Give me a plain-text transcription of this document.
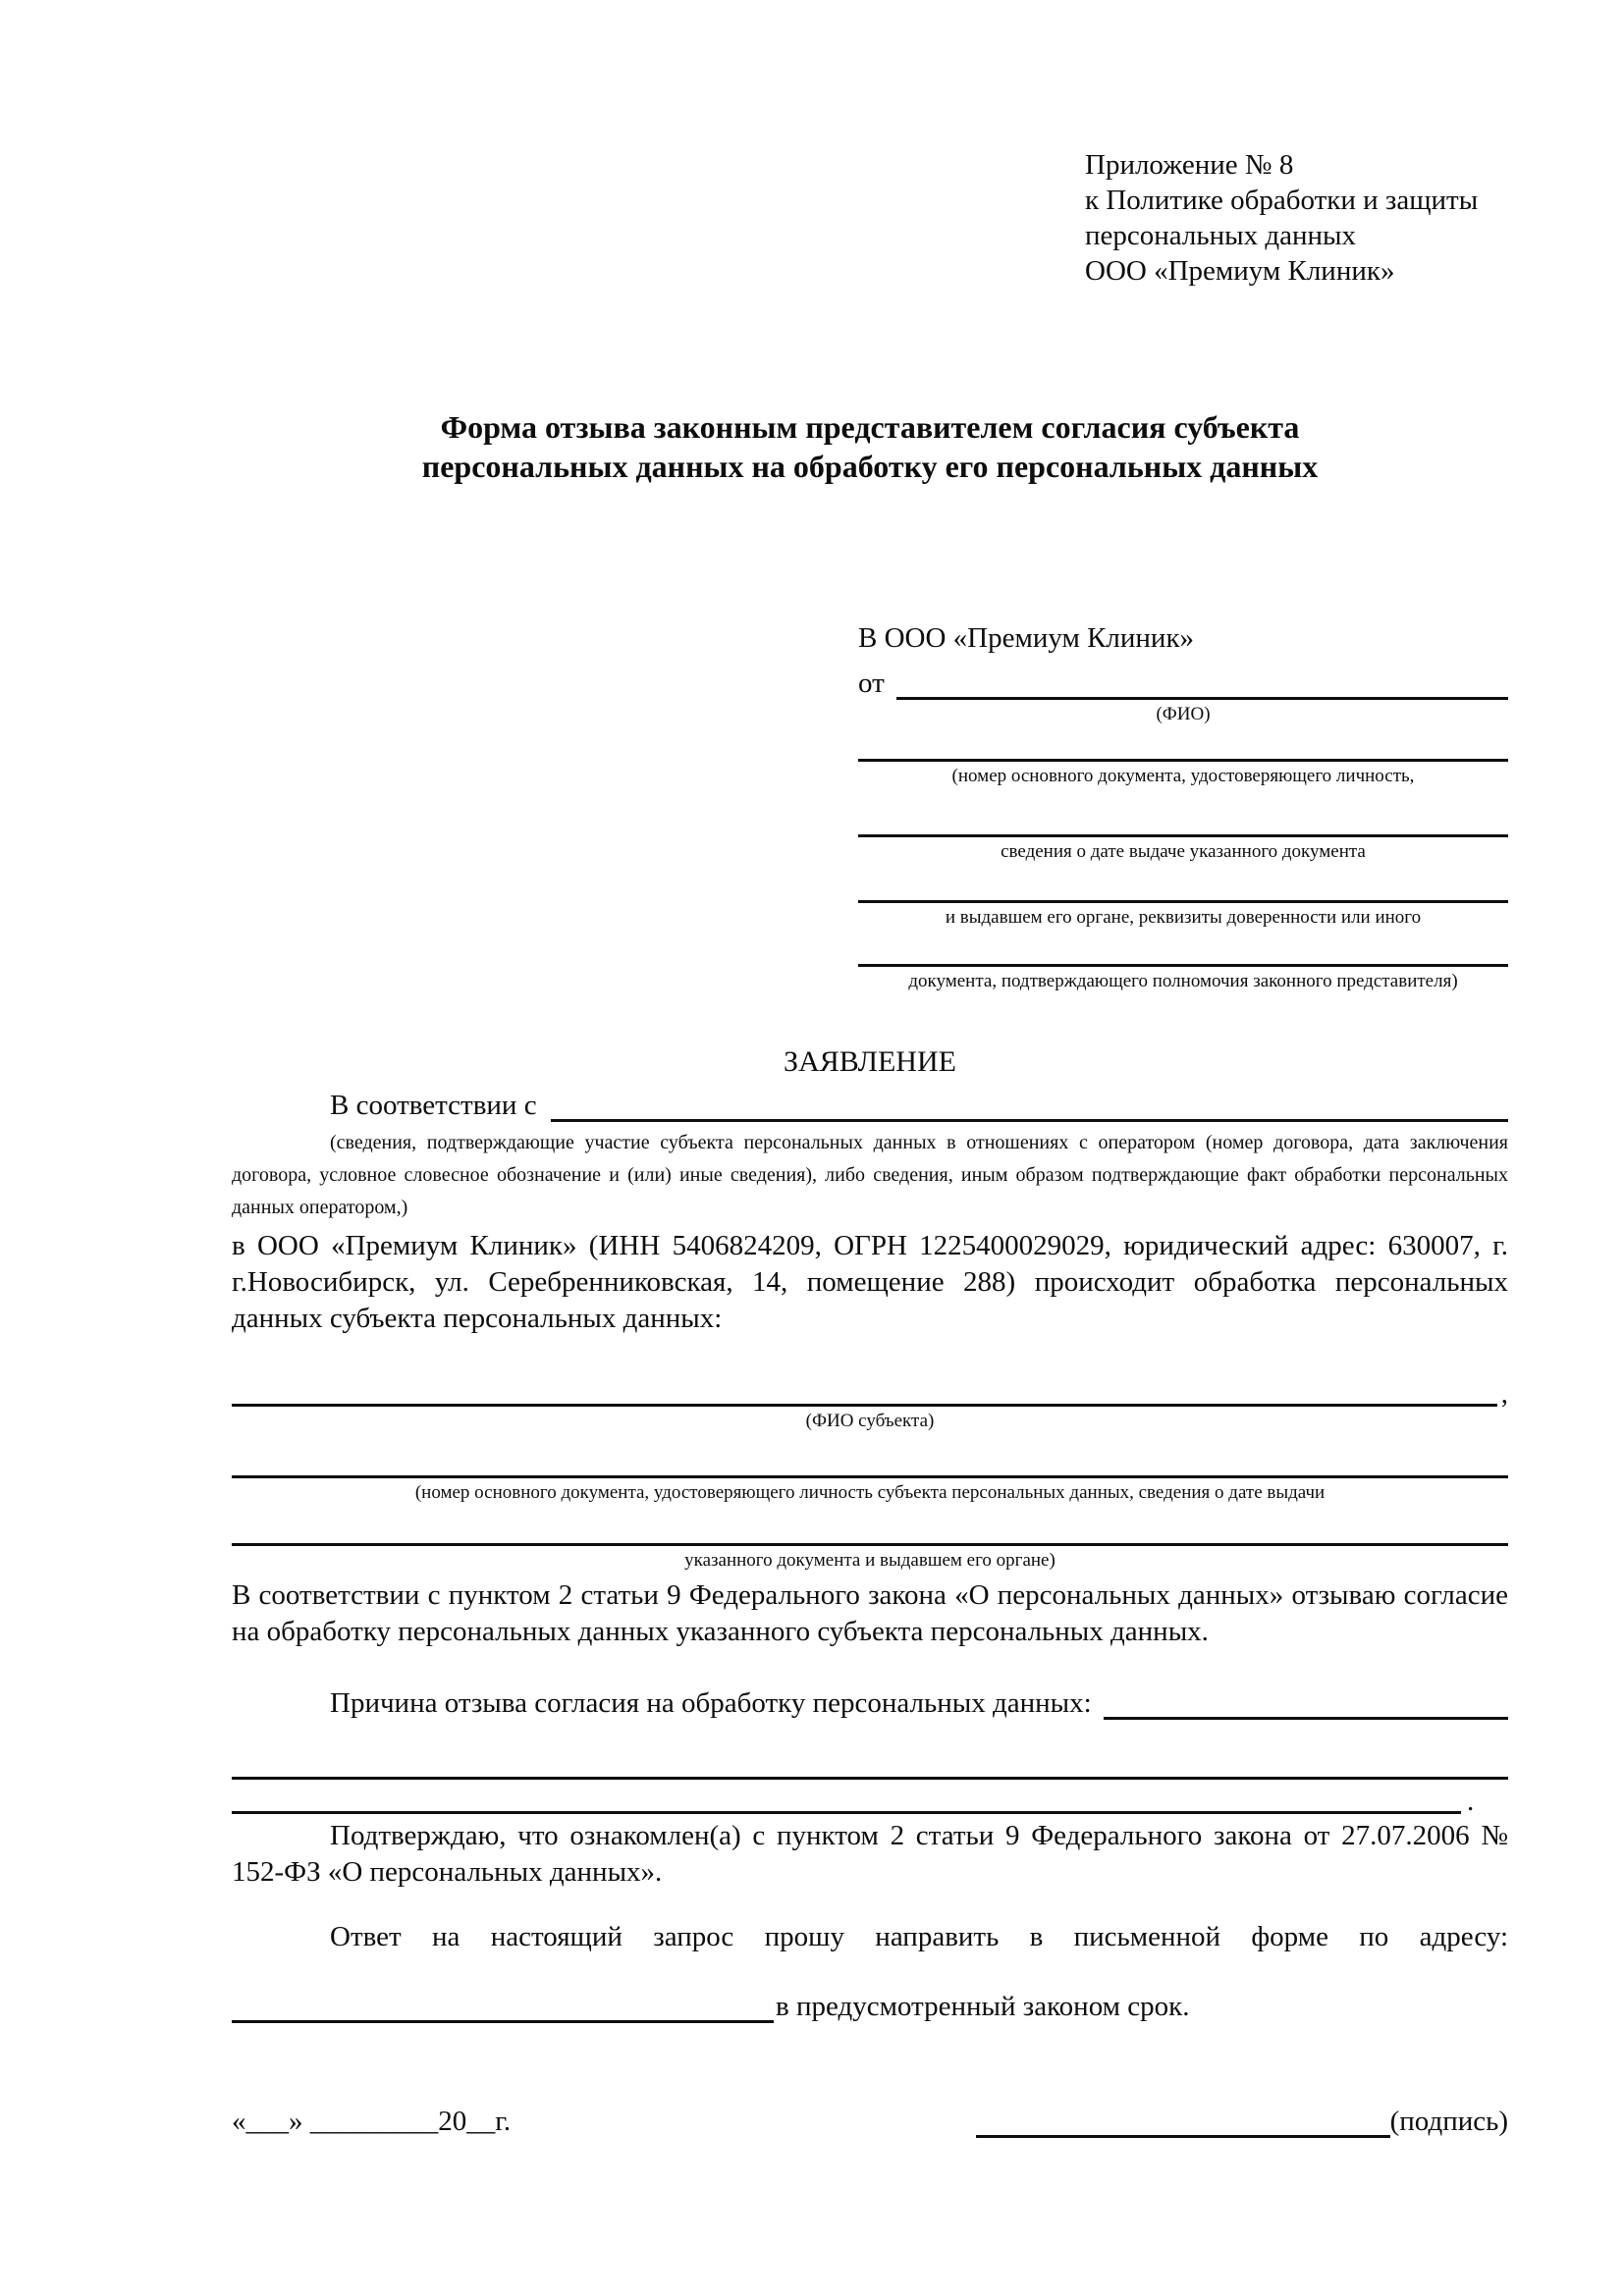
Приложение № 8
к Политике обработки и защиты
персональных данных
ООО «Премиум Клиник»
Форма отзыва законным представителем согласия субъекта
персональных данных на обработку его персональных данных
В ООО «Премиум Клиник»
от
(ФИО)
(номер основного документа, удостоверяющего личность,
сведения о дате выдаче указанного документа
и выдавшем его органе, реквизиты доверенности или иного
документа, подтверждающего полномочия законного представителя)
ЗАЯВЛЕНИЕ
В соответствии с
(сведения, подтверждающие участие субъекта персональных данных в отношениях с оператором (номер договора, дата заключения договора, условное словесное обозначение и (или) иные сведения), либо сведения, иным образом подтверждающие факт обработки персональных данных оператором,)

в ООО «Премиум Клиник» (ИНН 5406824209, ОГРН 1225400029029, юридический адрес: 630007, г. г.Новосибирск, ул. Серебренниковская, 14, помещение 288) происходит обработка персональных данных субъекта персональных данных:

,
(ФИО субъекта)
(номер основного документа, удостоверяющего личность субъекта персональных данных, сведения о дате выдачи
указанного документа и выдавшем его органе)

В соответствии с пунктом 2 статьи 9 Федерального закона «О персональных данных» отзываю согласие на обработку персональных данных указанного субъекта персональных данных.

Причина отзыва согласия на обработку персональных данных:
.

Подтверждаю, что ознакомлен(а) с пунктом 2 статьи 9 Федерального закона от 27.07.2006 № 152-ФЗ «О персональных данных».

Ответ на настоящий запрос прошу направить в письменной форме по адресу:

в предусмотренный законом срок.
«___» _________20__г.	(подпись)
